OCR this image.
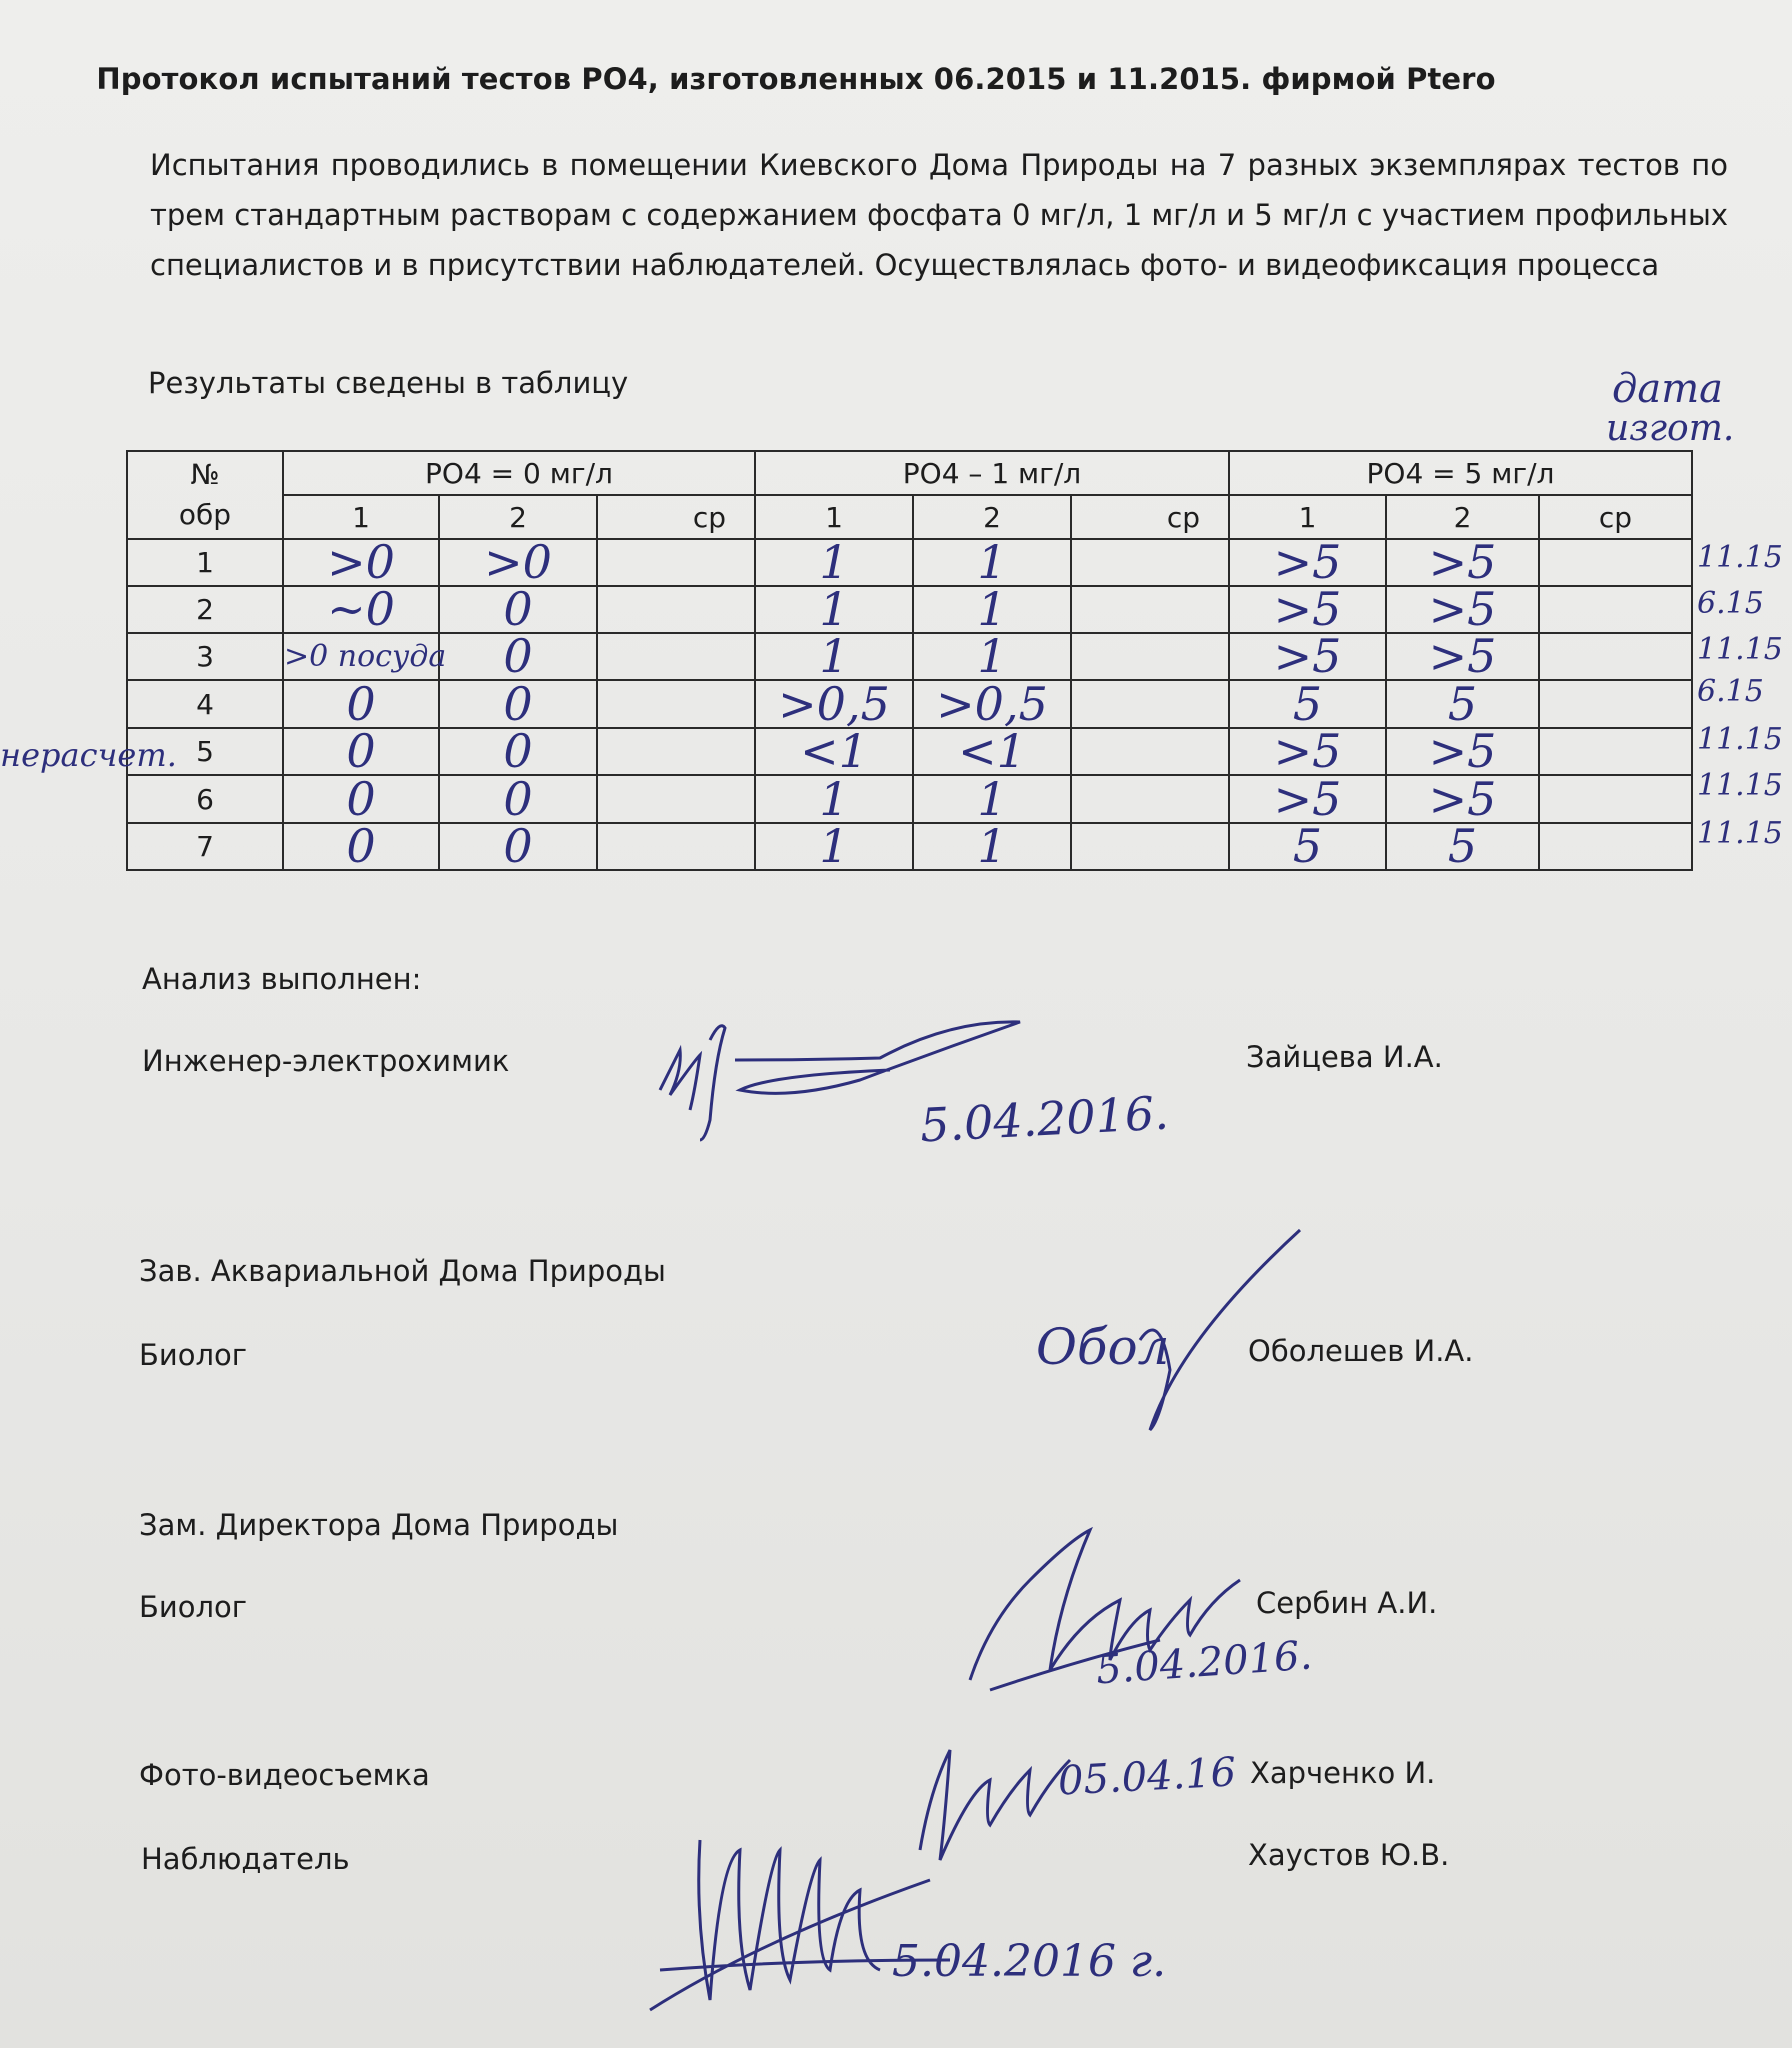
Протокол испытаний тестов PO4, изготовленных 06.2015 и 11.2015. фирмой Ptero
Испытания проводились в помещении Киевского Дома Природы на 7 разных экземплярах тестов по трем стандартным растворам с содержанием фосфата 0 мг/л, 1 мг/л и 5 мг/л с участием профильных специалистов и в присутствии наблюдателей. Осуществлялась фото- и видеофиксация процесса
Результаты сведены в таблицу	дата
изгот.
№
обр	PO4 = 0 мг/л			PO4 – 1 мг/л			PO4 = 5 мг/л		
	1	2	ср	1	2	ср	1	2	ср
1	>0	>0		1	1		>5	>5	
2	~0	0		1	1		>5	>5	
3	>0 посуда	0		1	1		>5	>5	
4	0	0		>0,5	>0,5		5	5	
5	0	0		<1	<1		>5	>5	
6	0	0		1	1		>5	>5	
7	0	0		1	1		5	5	
нерасчет.
11.15
6.15
11.15
6.15
11.15
11.15
11.15
Анализ выполнен:
Инженер-электрохимик	Зайцева И.А.
5.04.2016.
Зав. Аквариальной Дома Природы
Биолог	Оболешев И.А.
Обол
Зам. Директора Дома Природы
Биолог	Сербин А.И.
5.04.2016.
Фото-видеосъемка	Харченко И.
05.04.16
Наблюдатель	Хаустов Ю.В.
5.04.2016 г.
